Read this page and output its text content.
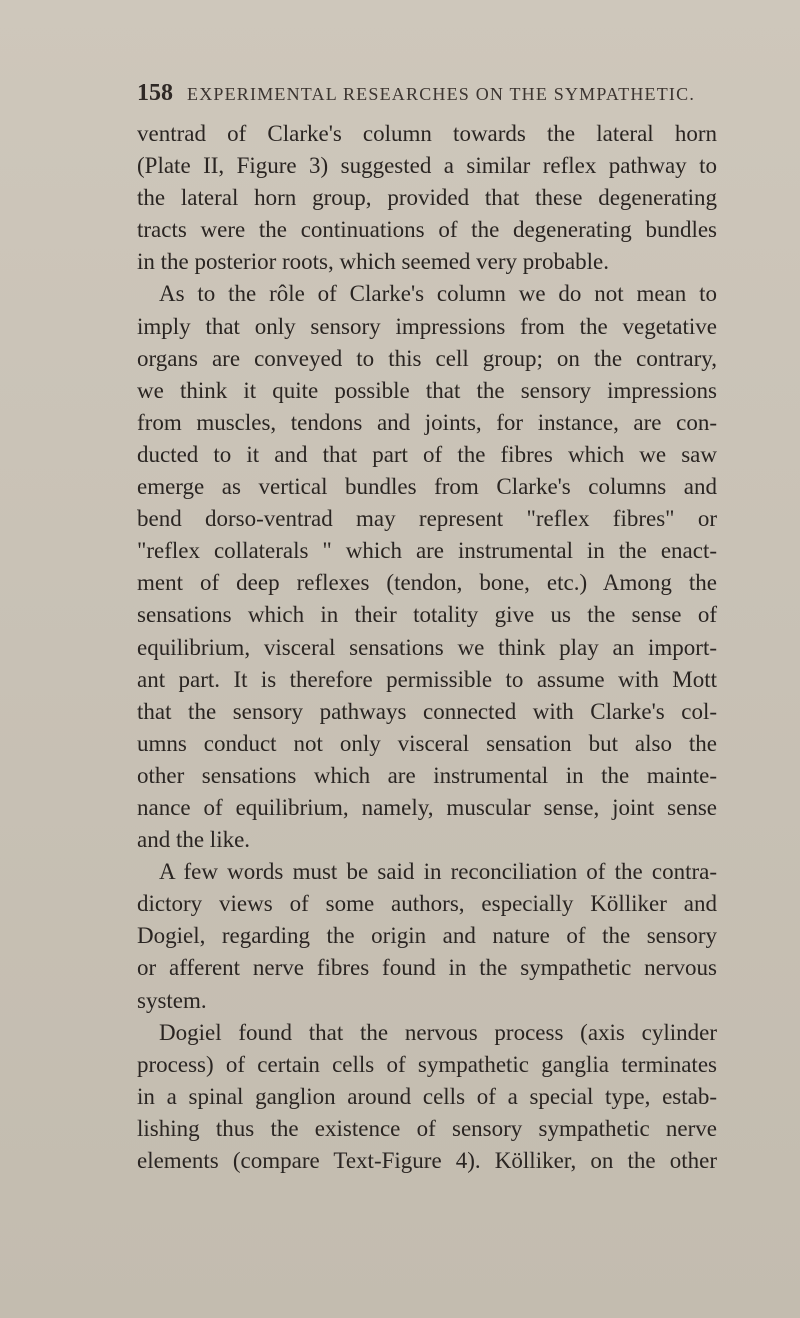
158 EXPERIMENTAL RESEARCHES ON THE SYMPATHETIC.
ventrad of Clarke's column towards the lateral horn
(Plate II, Figure 3) suggested a similar reflex pathway to
the lateral horn group, provided that these degenerating
tracts were the continuations of the degenerating bundles
in the posterior roots, which seemed very probable.
As to the rôle of Clarke's column we do not mean to
imply that only sensory impressions from the vegetative
organs are conveyed to this cell group; on the contrary,
we think it quite possible that the sensory impressions
from muscles, tendons and joints, for instance, are con-
ducted to it and that part of the fibres which we saw
emerge as vertical bundles from Clarke's columns and
bend dorso-ventrad may represent "reflex fibres" or
"reflex collaterals " which are instrumental in the enact-
ment of deep reflexes (tendon, bone, etc.) Among the
sensations which in their totality give us the sense of
equilibrium, visceral sensations we think play an import-
ant part. It is therefore permissible to assume with Mott
that the sensory pathways connected with Clarke's col-
umns conduct not only visceral sensation but also the
other sensations which are instrumental in the mainte-
nance of equilibrium, namely, muscular sense, joint sense
and the like.
A few words must be said in reconciliation of the contra-
dictory views of some authors, especially Kölliker and
Dogiel, regarding the origin and nature of the sensory
or afferent nerve fibres found in the sympathetic nervous
system.
Dogiel found that the nervous process (axis cylinder
process) of certain cells of sympathetic ganglia terminates
in a spinal ganglion around cells of a special type, estab-
lishing thus the existence of sensory sympathetic nerve
elements (compare Text-Figure 4). Kölliker, on the other
